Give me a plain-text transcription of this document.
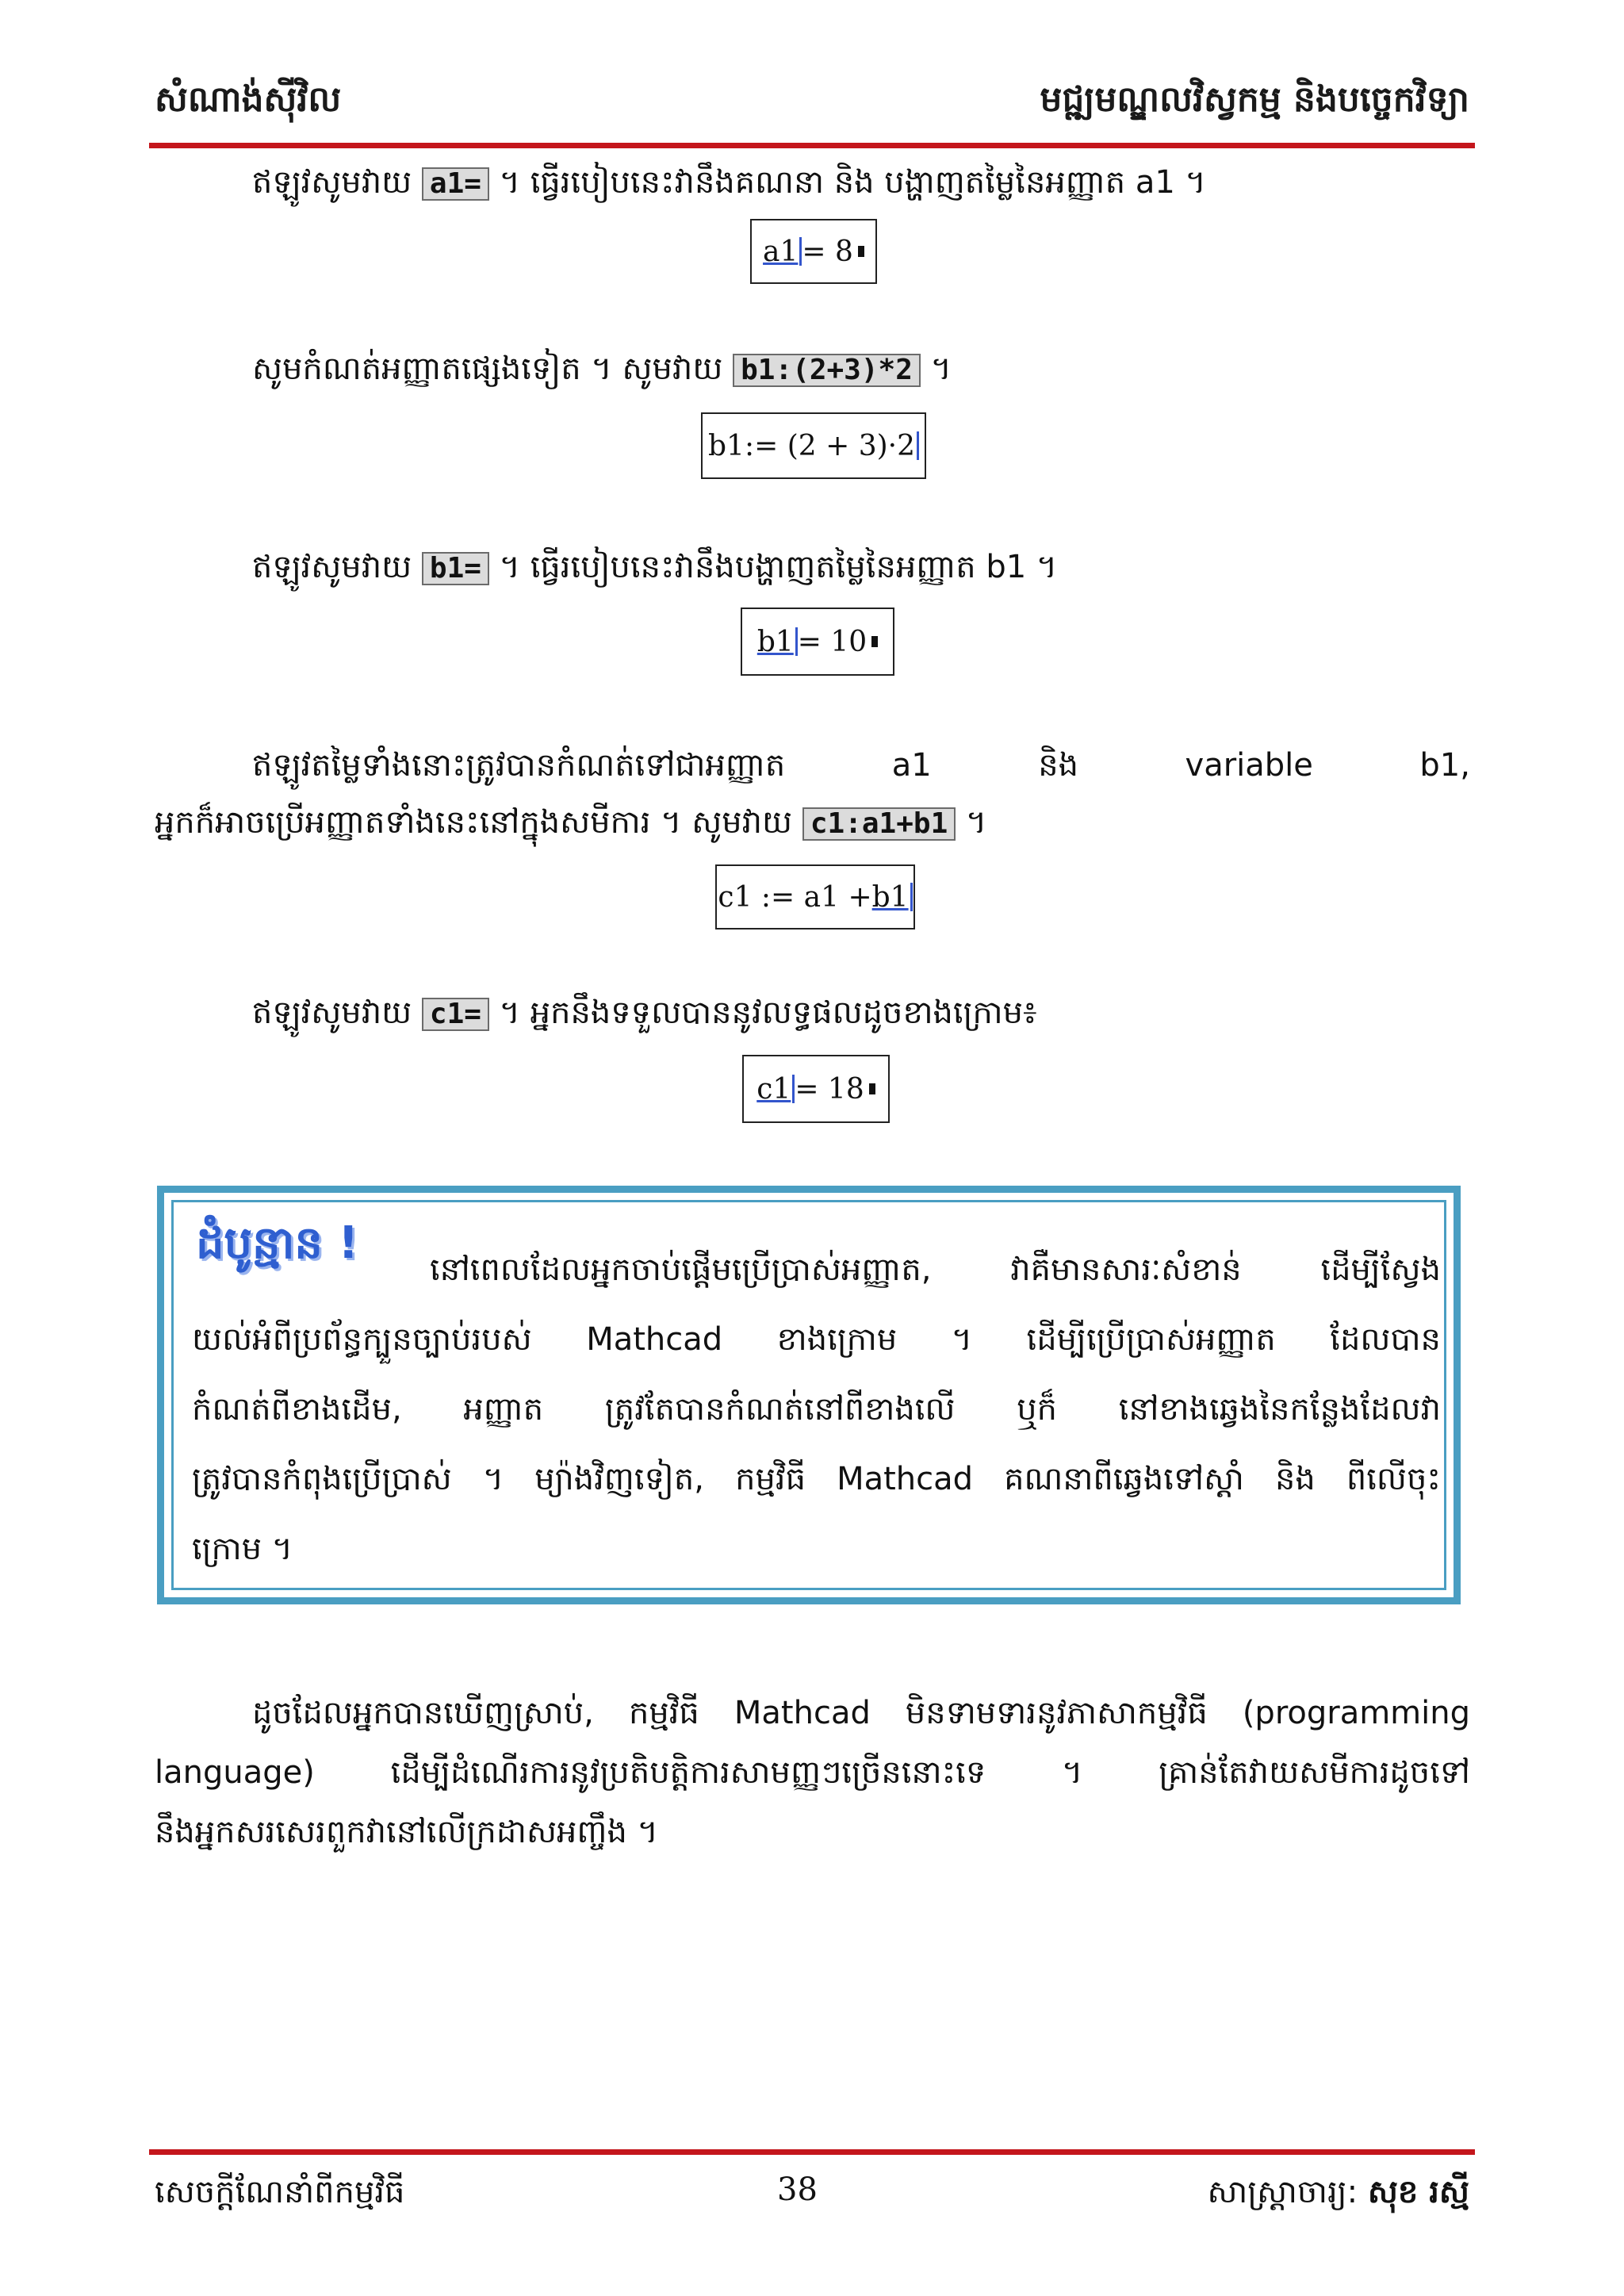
សំណាង់ស៊ីវិល	មជ្ឍមណ្ឌលវិស្វកម្ម និងបច្ចេកវិទ្យា
ឥឡូវសូមវាយ a1= ។ ធ្វើរបៀបនេះវានឹងគណនា និង បង្ហាញតម្លៃនៃអញ្ញាត a1 ។
a1 = 8
សូមកំណត់អញ្ញាតផ្សេងទៀត ។ សូមវាយ b1:(2+3)*2 ។
b1 := (2 + 3)·2
ឥឡូវសូមវាយ b1= ។ ធ្វើរបៀបនេះវានឹងបង្ហាញតម្លៃនៃអញ្ញាត b1 ។
b1 = 10
ឥឡូវតម្លៃទាំងនោះត្រូវបានកំណត់ទៅជាអញ្ញាត	a1	និង	variable	b1,
អ្នកក៏អាចប្រើអញ្ញាតទាំងនេះនៅក្នុងសមីការ ។ សូមវាយ c1:a1+b1 ។
c1 := a1 + b1
ឥឡូវសូមវាយ c1= ។ អ្នកនឹងទទួលបាននូវលទ្ធផលដូចខាងក្រោម៖
c1 = 18
ដំបូន្មាន !
នៅពេលដែលអ្នកចាប់ផ្ដើមប្រើប្រាស់អញ្ញាត, វាគឺមានសារៈសំខាន់ ដើម្បីស្វែង
យល់អំពីប្រព័ន្ធក្បួនច្បាប់របស់ Mathcad ខាងក្រោម ។ ដើម្បីប្រើប្រាស់អញ្ញាត ដែលបាន
កំណត់ពីខាងដើម, អញ្ញាត ត្រូវតែបានកំណត់នៅពីខាងលើ ឬក៏ នៅខាងឆ្វេងនៃកន្លែងដែលវា
ត្រូវបានកំពុងប្រើប្រាស់ ។ ម្យ៉ាងវិញទៀត, កម្មវិធី Mathcad គណនាពីឆ្វេងទៅស្ដាំ និង ពីលើចុះ
ក្រោម ។
ដូចដែលអ្នកបានឃើញស្រាប់, កម្មវិធី Mathcad មិនទាមទារនូវភាសាកម្មវិធី (programming
language) ដើម្បីដំណើរការនូវប្រតិបត្តិការសាមញ្ញៗច្រើននោះទេ ។ គ្រាន់តែវាយសមីការដូចទៅ
នឹងអ្នកសរសេរពួកវានៅលើក្រដាសអញ្ចឹង ។
សេចក្ដីណែនាំពីកម្មវិធី	38	សាស្ត្រាចារ្យ: សុខ រស្មី
